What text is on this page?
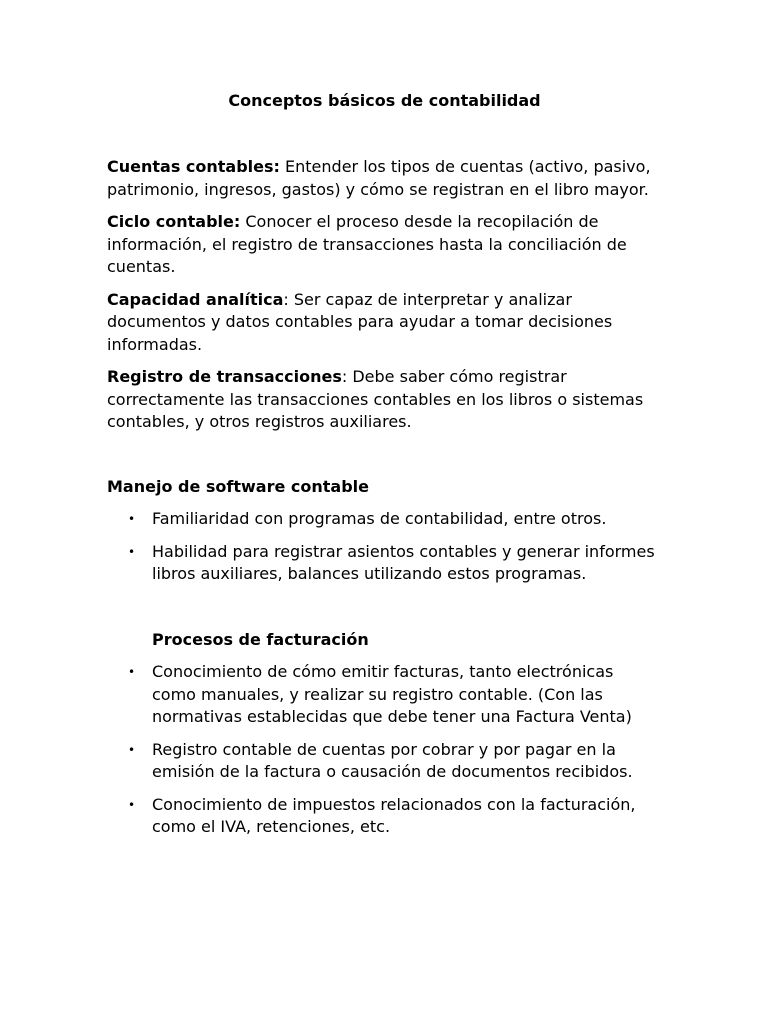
Conceptos básicos de contabilidad

Cuentas contables: Entender los tipos de cuentas (activo, pasivo, patrimonio, ingresos, gastos) y cómo se registran en el libro mayor.

Ciclo contable: Conocer el proceso desde la recopilación de información, el registro de transacciones hasta la conciliación de cuentas.

Capacidad analítica: Ser capaz de interpretar y analizar documentos y datos contables para ayudar a tomar decisiones informadas.

Registro de transacciones: Debe saber cómo registrar correctamente las transacciones contables en los libros o sistemas contables, y otros registros auxiliares.

Manejo de software contable

• Familiaridad con programas de contabilidad, entre otros.
• Habilidad para registrar asientos contables y generar informes libros auxiliares, balances utilizando estos programas.

Procesos de facturación

• Conocimiento de cómo emitir facturas, tanto electrónicas como manuales, y realizar su registro contable. (Con las normativas establecidas que debe tener una Factura Venta)
• Registro contable de cuentas por cobrar y por pagar en la emisión de la factura o causación de documentos recibidos.
• Conocimiento de impuestos relacionados con la facturación, como el IVA, retenciones, etc.
